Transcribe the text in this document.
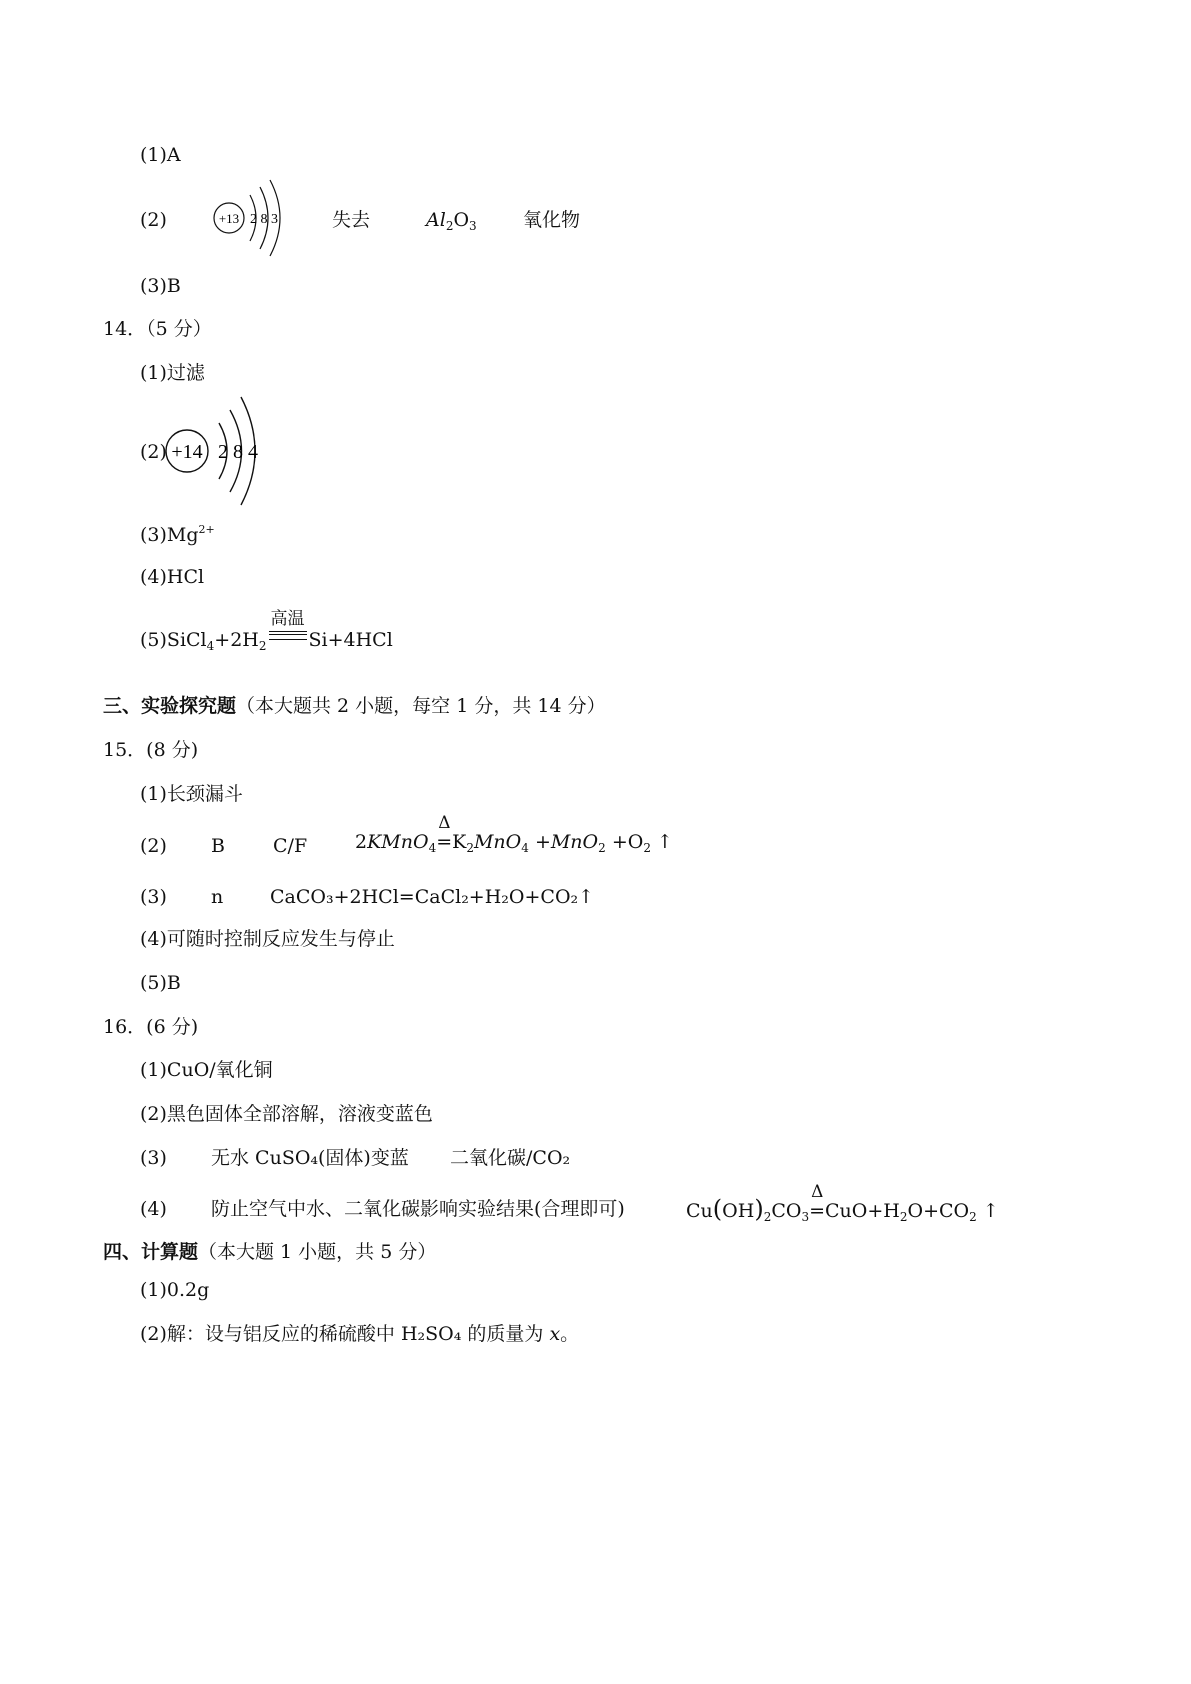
(1)A
(2)	+13 2 8 3	失去	$Al_2O_3$ 氧化物
(3)B
14．（5 分）
(1)过滤
(2) +14 2 8 4
$(3)Mg^{2+}$
(4)HCl
$(5)SiCl_4+2H_2$
高温
Si+4HCl
三、实验探究题（本大题共 2 小题，每空 1 分，共 14 分）
15．(8 分)
(1)长颈漏斗
(2) B	C/F	2KMnO$_4$
Δ
$=K_2MnO_4 +MnO_2 +O_2$ ↑
(3) n CaCO₃+2HCl=CaCl₂+H₂O+CO₂↑
(4)可随时控制反应发生与停止
(5)B
16．(6 分)
(1)CuO/氧化铜
(2)黑色固体全部溶解，溶液变蓝色
(3) 无水 CuSO₄(固体)变蓝 二氧化碳/CO₂
(4) 防止空气中水、二氧化碳影响实验结果(合理即可)	$Cu(OH)_2CO_3$
Δ
$=CuO+H_2O+CO_2$ ↑
四、计算题（本大题 1 小题，共 5 分）
(1)0.2g
(2)解：设与铝反应的稀硫酸中 H₂SO₄ 的质量为 x。
